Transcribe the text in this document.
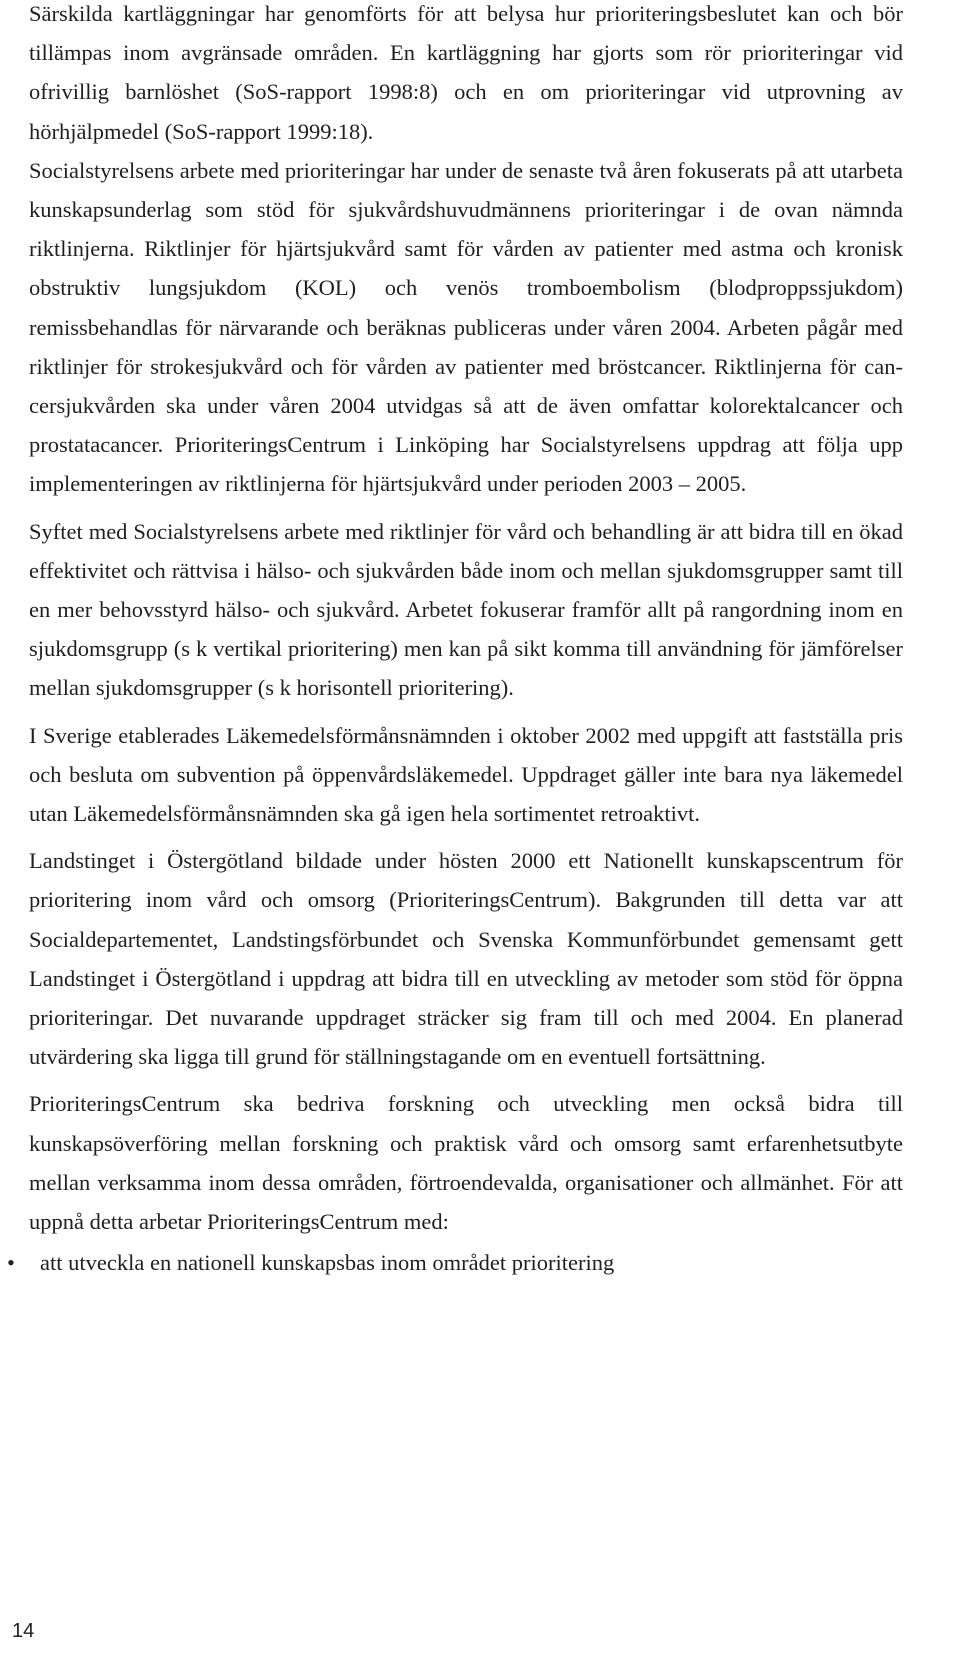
Särskilda kartläggningar har genomförts för att belysa hur prioriteringsbeslutet kan och bör tillämpas inom avgränsade områden. En kartläggning har gjorts som rör prioriteringar vid ofrivillig barnlöshet (SoS-rapport 1998:8) och en om prioriteringar vid utprovning av hörhjälpmedel (SoS-rapport 1999:18).

Socialstyrelsens arbete med prioriteringar har under de senaste två åren fokuserats på att utarbeta kunskapsunderlag som stöd för sjukvårdshuvudmännens prioriteringar i de ovan nämnda riktlinjerna. Riktlinjer för hjärtsjukvård samt för vården av patienter med astma och kronisk obstruktiv lungsjukdom (KOL) och venös tromboembolism (blodproppssjukdom) remissbehandlas för närvarande och beräknas publiceras under våren 2004. Arbeten pågår med riktlinjer för strokesjukvård och för vården av patienter med bröstcancer. Riktlinjerna för cancersjukvården ska under våren 2004 utvidgas så att de även omfattar kolorektalcancer och prostatacancer. PrioriteringsCentrum i Linköping har Socialstyrelsens uppdrag att följa upp implementeringen av riktlinjerna för hjärtsjukvård under perioden 2003 – 2005.

Syftet med Socialstyrelsens arbete med riktlinjer för vård och behandling är att bidra till en ökad effektivitet och rättvisa i hälso- och sjukvården både inom och mellan sjukdomsgrupper samt till en mer behovsstyrd hälso- och sjukvård. Arbetet fokuserar framför allt på rangordning inom en sjukdomsgrupp (s k vertikal prioritering) men kan på sikt komma till användning för jämförelser mellan sjukdomsgrupper (s k horisontell prioritering).

I Sverige etablerades Läkemedelsförmånsnämnden i oktober 2002 med uppgift att fastställa pris och besluta om subvention på öppenvårdsläkemedel. Uppdraget gäller inte bara nya läkemedel utan Läkemedelsförmånsnämnden ska gå igen hela sortimentet retroaktivt.

Landstinget i Östergötland bildade under hösten 2000 ett Nationellt kunskapscentrum för prioritering inom vård och omsorg (PrioriteringsCentrum). Bakgrunden till detta var att Socialdepartementet, Landstingsförbundet och Svenska Kommunförbundet gemensamt gett Landstinget i Östergötland i uppdrag att bidra till en utveckling av metoder som stöd för öppna prioriteringar. Det nuvarande uppdraget sträcker sig fram till och med 2004. En planerad utvärdering ska ligga till grund för ställningstagande om en eventuell fortsättning.

PrioriteringsCentrum ska bedriva forskning och utveckling men också bidra till kunskapsöverföring mellan forskning och praktisk vård och omsorg samt erfarenhetsutbyte mellan verksamma inom dessa områden, förtroendevalda, organisationer och allmänhet. För att uppnå detta arbetar PrioriteringsCentrum med:

• att utveckla en nationell kunskapsbas inom området prioritering
14
